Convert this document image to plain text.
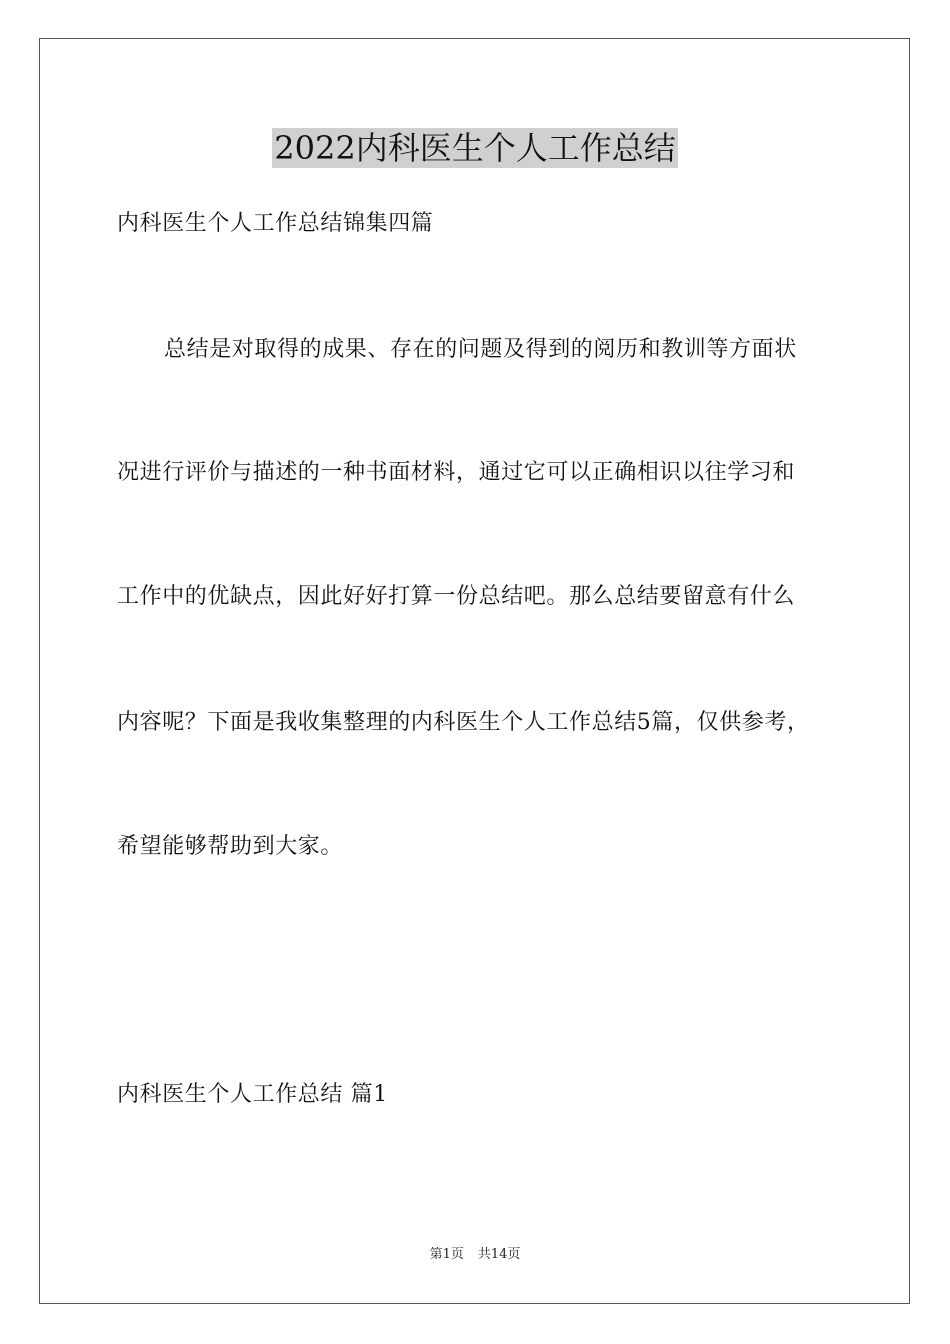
2022内科医生个人工作总结
内科医生个人工作总结锦集四篇
总结是对取得的成果、存在的问题及得到的阅历和教训等方面状
况进行评价与描述的一种书面材料，通过它可以正确相识以往学习和
工作中的优缺点，因此好好打算一份总结吧。那么总结要留意有什么
内容呢？下面是我收集整理的内科医生个人工作总结5篇，仅供参考，
希望能够帮助到大家。
内科医生个人工作总结 篇1
第1页 共14页
